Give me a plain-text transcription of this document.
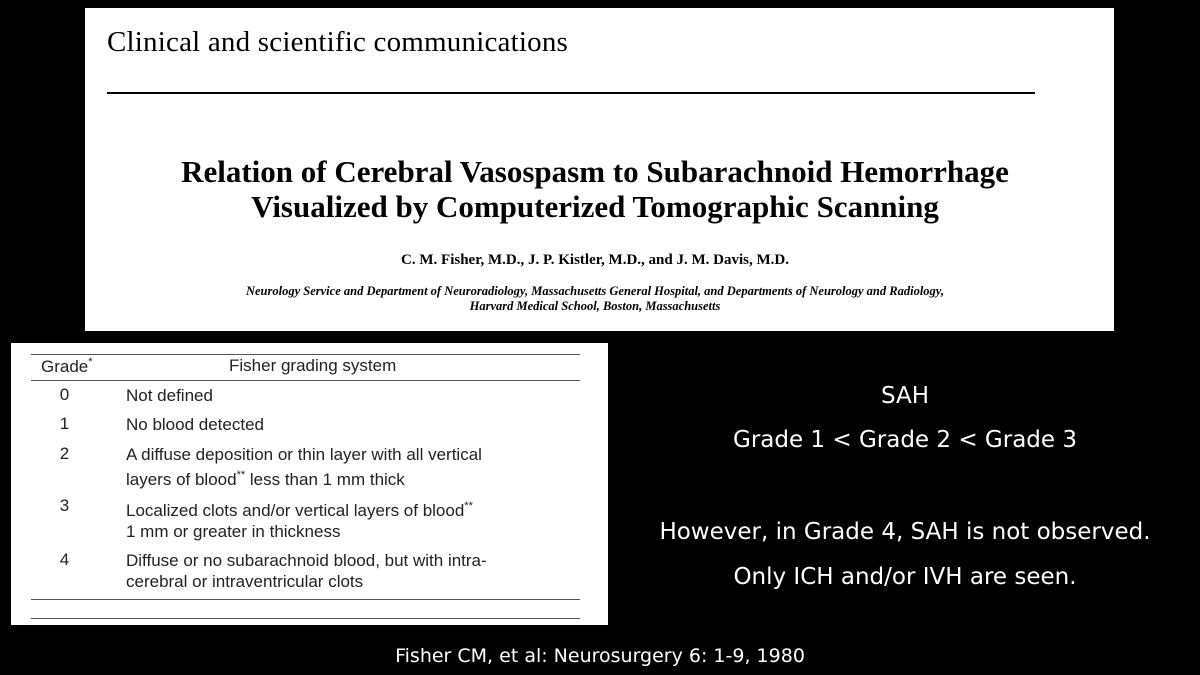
Clinical and scientific communications
Relation of Cerebral Vasospasm to Subarachnoid Hemorrhage
Visualized by Computerized Tomographic Scanning
C. M. Fisher, M.D., J. P. Kistler, M.D., and J. M. Davis, M.D.
Neurology Service and Department of Neuroradiology, Massachusetts General Hospital, and Departments of Neurology and Radiology,
Harvard Medical School, Boston, Massachusetts
Grade*	Fisher grading system
0	Not defined
1	No blood detected
2	A diffuse deposition or thin layer with all vertical
layers of blood** less than 1 mm thick
3	Localized clots and/or vertical layers of blood**
1 mm or greater in thickness
4	Diffuse or no subarachnoid blood, but with intra-
cerebral or intraventricular clots
SAH
Grade 1 < Grade 2 < Grade 3
However, in Grade 4, SAH is not observed.
Only ICH and/or IVH are seen.
Fisher CM, et al: Neurosurgery 6: 1-9, 1980
